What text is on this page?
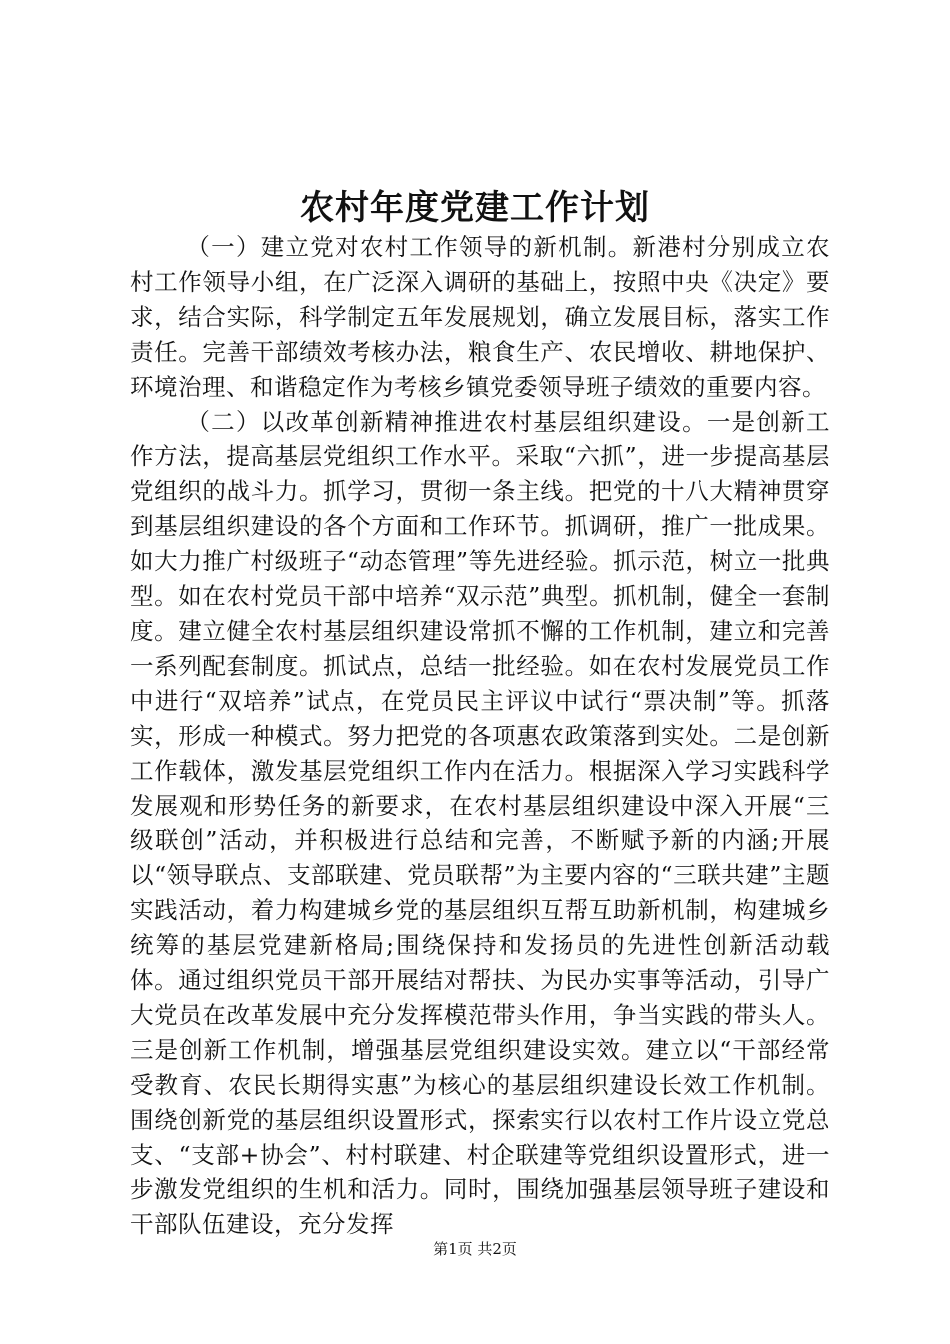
农村年度党建工作计划

（一）建立党对农村工作领导的新机制。新港村分别成立农村工作领导小组，在广泛深入调研的基础上，按照中央《决定》要求，结合实际，科学制定五年发展规划，确立发展目标，落实工作责任。完善干部绩效考核办法，粮食生产、农民增收、耕地保护、环境治理、和谐稳定作为考核乡镇党委领导班子绩效的重要内容。

（二）以改革创新精神推进农村基层组织建设。一是创新工作方法，提高基层党组织工作水平。采取“六抓”，进一步提高基层党组织的战斗力。抓学习，贯彻一条主线。把党的十八大精神贯穿到基层组织建设的各个方面和工作环节。抓调研，推广一批成果。如大力推广村级班子“动态管理”等先进经验。抓示范，树立一批典型。如在农村党员干部中培养“双示范”典型。抓机制，健全一套制度。建立健全农村基层组织建设常抓不懈的工作机制，建立和完善一系列配套制度。抓试点，总结一批经验。如在农村发展党员工作中进行“双培养”试点，在党员民主评议中试行“票决制”等。抓落实，形成一种模式。努力把党的各项惠农政策落到实处。二是创新工作载体，激发基层党组织工作内在活力。根据深入学习实践科学发展观和形势任务的新要求，在农村基层组织建设中深入开展“三级联创”活动，并积极进行总结和完善，不断赋予新的内涵;开展以“领导联点、支部联建、党员联帮”为主要内容的“三联共建”主题实践活动，着力构建城乡党的基层组织互帮互助新机制，构建城乡统筹的基层党建新格局;围绕保持和发扬员的先进性创新活动载体。通过组织党员干部开展结对帮扶、为民办实事等活动，引导广大党员在改革发展中充分发挥模范带头作用，争当实践的带头人。三是创新工作机制，增强基层党组织建设实效。建立以“干部经常受教育、农民长期得实惠”为核心的基层组织建设长效工作机制。围绕创新党的基层组织设置形式，探索实行以农村工作片设立党总支、“支部+协会”、村村联建、村企联建等党组织设置形式，进一步激发党组织的生机和活力。同时，围绕加强基层领导班子建设和干部队伍建设，充分发挥

第1页 共2页
